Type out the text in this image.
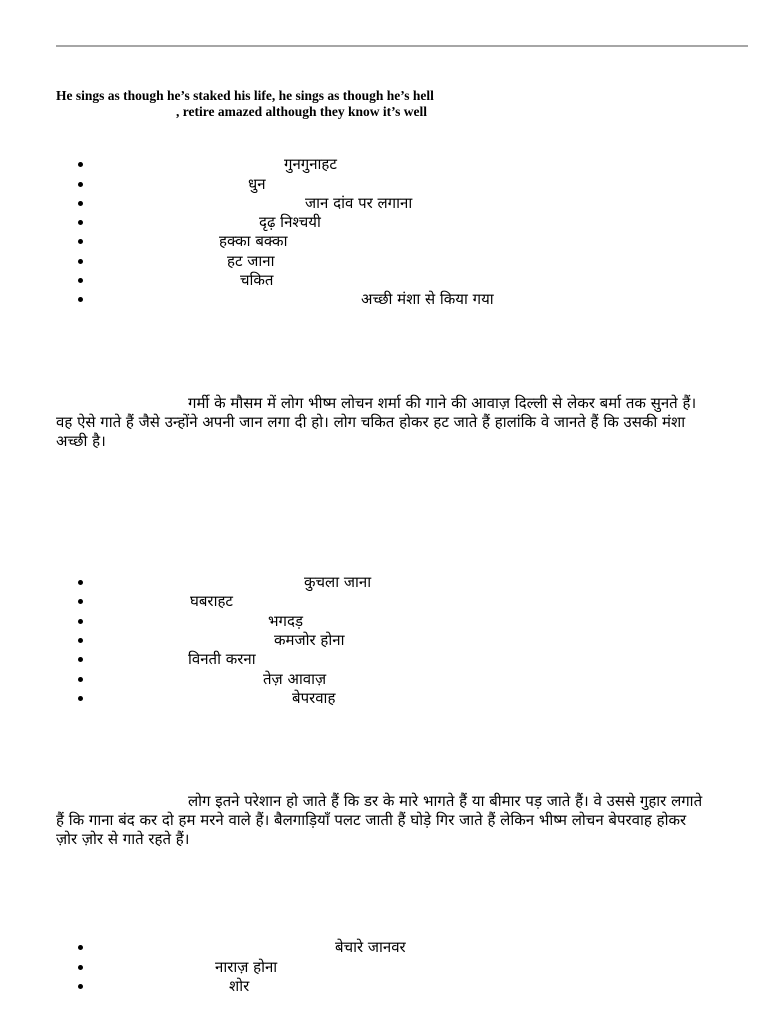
He sings as though he’s staked his life, he sings as though he’s hell
, retire amazed although they know it’s well
गुनगुनाहट
धुन
जान दांव पर लगाना
दृढ़ निश्चयी
हक्का बक्का
हट जाना
चकित
अच्छी मंशा से किया गया
गर्मी के मौसम में लोग भीष्म लोचन शर्मा की गाने की आवाज़ दिल्ली से लेकर बर्मा तक सुनते हैं।
वह ऐसे गाते हैं जैसे उन्होंने अपनी जान लगा दी हो। लोग चकित होकर हट जाते हैं हालांकि वे जानते हैं कि उसकी मंशा
अच्छी है।
कुचला जाना
घबराहट
भगदड़
कमजोर होना
विनती करना
तेज़ आवाज़
बेपरवाह
लोग इतने परेशान हो जाते हैं कि डर के मारे भागते हैं या बीमार पड़ जाते हैं। वे उससे गुहार लगाते
हैं कि गाना बंद कर दो हम मरने वाले हैं। बैलगाड़ियाँ पलट जाती हैं घोड़े गिर जाते हैं लेकिन भीष्म लोचन बेपरवाह होकर
ज़ोर ज़ोर से गाते रहते हैं।
बेचारे जानवर
नाराज़ होना
शोर
